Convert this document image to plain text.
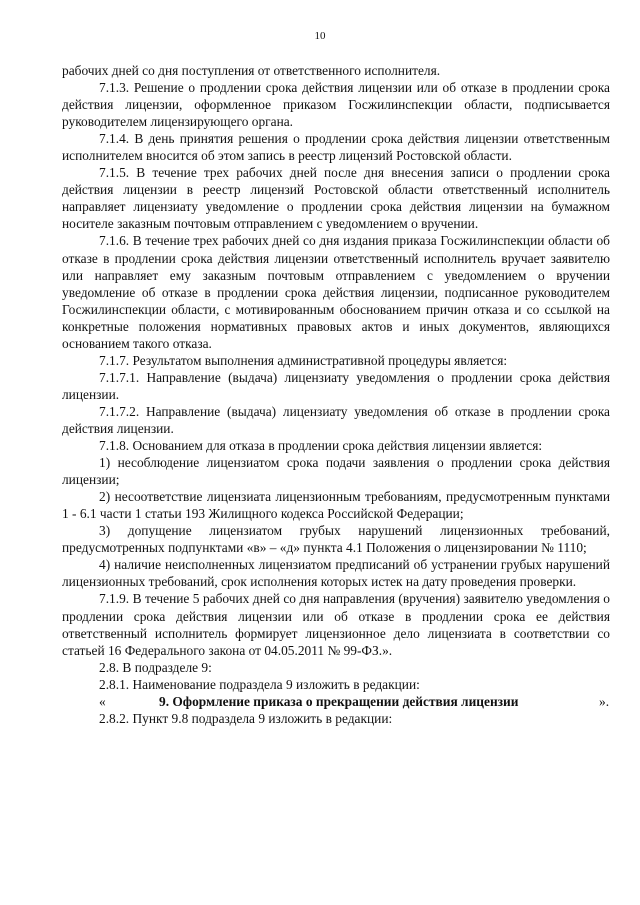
10

рабочих дней со дня поступления от ответственного исполнителя.

7.1.3. Решение о продлении срока действия лицензии или об отказе в продлении срока действия лицензии, оформленное приказом Госжилинспекции области, подписывается руководителем лицензирующего органа.

7.1.4. В день принятия решения о продлении срока действия лицензии ответственным исполнителем вносится об этом запись в реестр лицензий Ростовской области.

7.1.5. В течение трех рабочих дней после дня внесения записи о продлении срока действия лицензии в реестр лицензий Ростовской области ответственный исполнитель направляет лицензиату уведомление о продлении срока действия лицензии на бумажном носителе заказным почтовым отправлением с уведомлением о вручении.

7.1.6. В течение трех рабочих дней со дня издания приказа Госжилинспекции области об отказе в продлении срока действия лицензии ответственный исполнитель вручает заявителю или направляет ему заказным почтовым отправлением с уведомлением о вручении уведомление об отказе в продлении срока действия лицензии, подписанное руководителем Госжилинспекции области, с мотивированным обоснованием причин отказа и со ссылкой на конкретные положения нормативных правовых актов и иных документов, являющихся основанием такого отказа.

7.1.7. Результатом выполнения административной процедуры является:

7.1.7.1. Направление (выдача) лицензиату уведомления о продлении срока действия лицензии.

7.1.7.2. Направление (выдача) лицензиату уведомления об отказе в продлении срока действия лицензии.

7.1.8. Основанием для отказа в продлении срока действия лицензии является:

1) несоблюдение лицензиатом срока подачи заявления о продлении срока действия лицензии;

2) несоответствие лицензиата лицензионным требованиям, предусмотренным пунктами 1 - 6.1 части 1 статьи 193 Жилищного кодекса Российской Федерации;

3) допущение лицензиатом грубых нарушений лицензионных требований, предусмотренных подпунктами «в» – «д» пункта 4.1 Положения о лицензировании № 1110;

4) наличие неисполненных лицензиатом предписаний об устранении грубых нарушений лицензионных требований, срок исполнения которых истек на дату проведения проверки.

7.1.9. В течение 5 рабочих дней со дня направления (вручения) заявителю уведомления о продлении срока действия лицензии или об отказе в продлении срока ее действия ответственный исполнитель формирует лицензионное дело лицензиата в соответствии со статьей 16 Федерального закона от 04.05.2011 № 99-ФЗ.».

2.8. В подразделе 9:

2.8.1. Наименование подраздела 9 изложить в редакции:

«	9. Оформление приказа о прекращении действия лицензии	».

2.8.2. Пункт 9.8 подраздела 9 изложить в редакции:
